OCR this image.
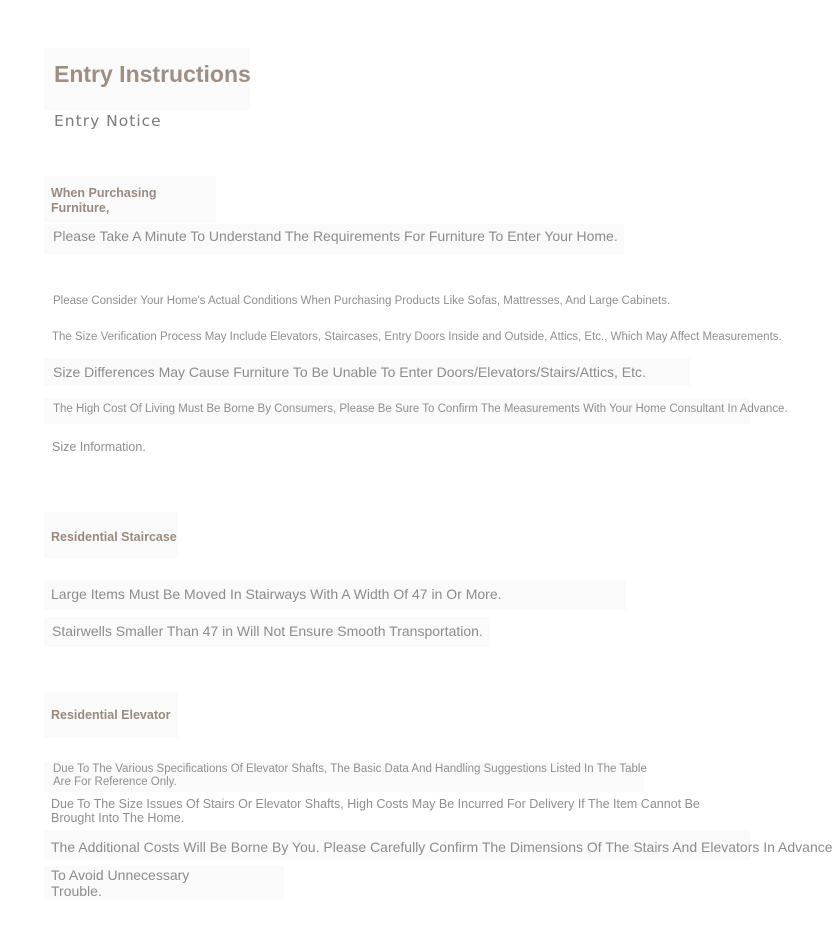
Entry Instructions
Entry Notice
When Purchasing Furniture,
Please Take A Minute To Understand The Requirements For Furniture To Enter Your Home.
Please Consider Your Home's Actual Conditions When Purchasing Products Like Sofas, Mattresses, And Large Cabinets.
The Size Verification Process May Include Elevators, Staircases, Entry Doors Inside and Outside, Attics, Etc., Which May Affect Measurements.
Size Differences May Cause Furniture To Be Unable To Enter Doors/Elevators/Stairs/Attics, Etc.
The High Cost Of Living Must Be Borne By Consumers, Please Be Sure To Confirm The Measurements With Your Home Consultant In Advance.
Size Information.
Residential Staircase
Large Items Must Be Moved In Stairways With A Width Of 47 in Or More.
Stairwells Smaller Than 47 in Will Not Ensure Smooth Transportation.
Residential Elevator
Due To The Various Specifications Of Elevator Shafts, The Basic Data And Handling Suggestions Listed In The Table Are For Reference Only.
Due To The Size Issues Of Stairs Or Elevator Shafts, High Costs May Be Incurred For Delivery If The Item Cannot Be Brought Into The Home.
The Additional Costs Will Be Borne By You. Please Carefully Confirm The Dimensions Of The Stairs And Elevators In Advance
To Avoid Unnecessary Trouble.
